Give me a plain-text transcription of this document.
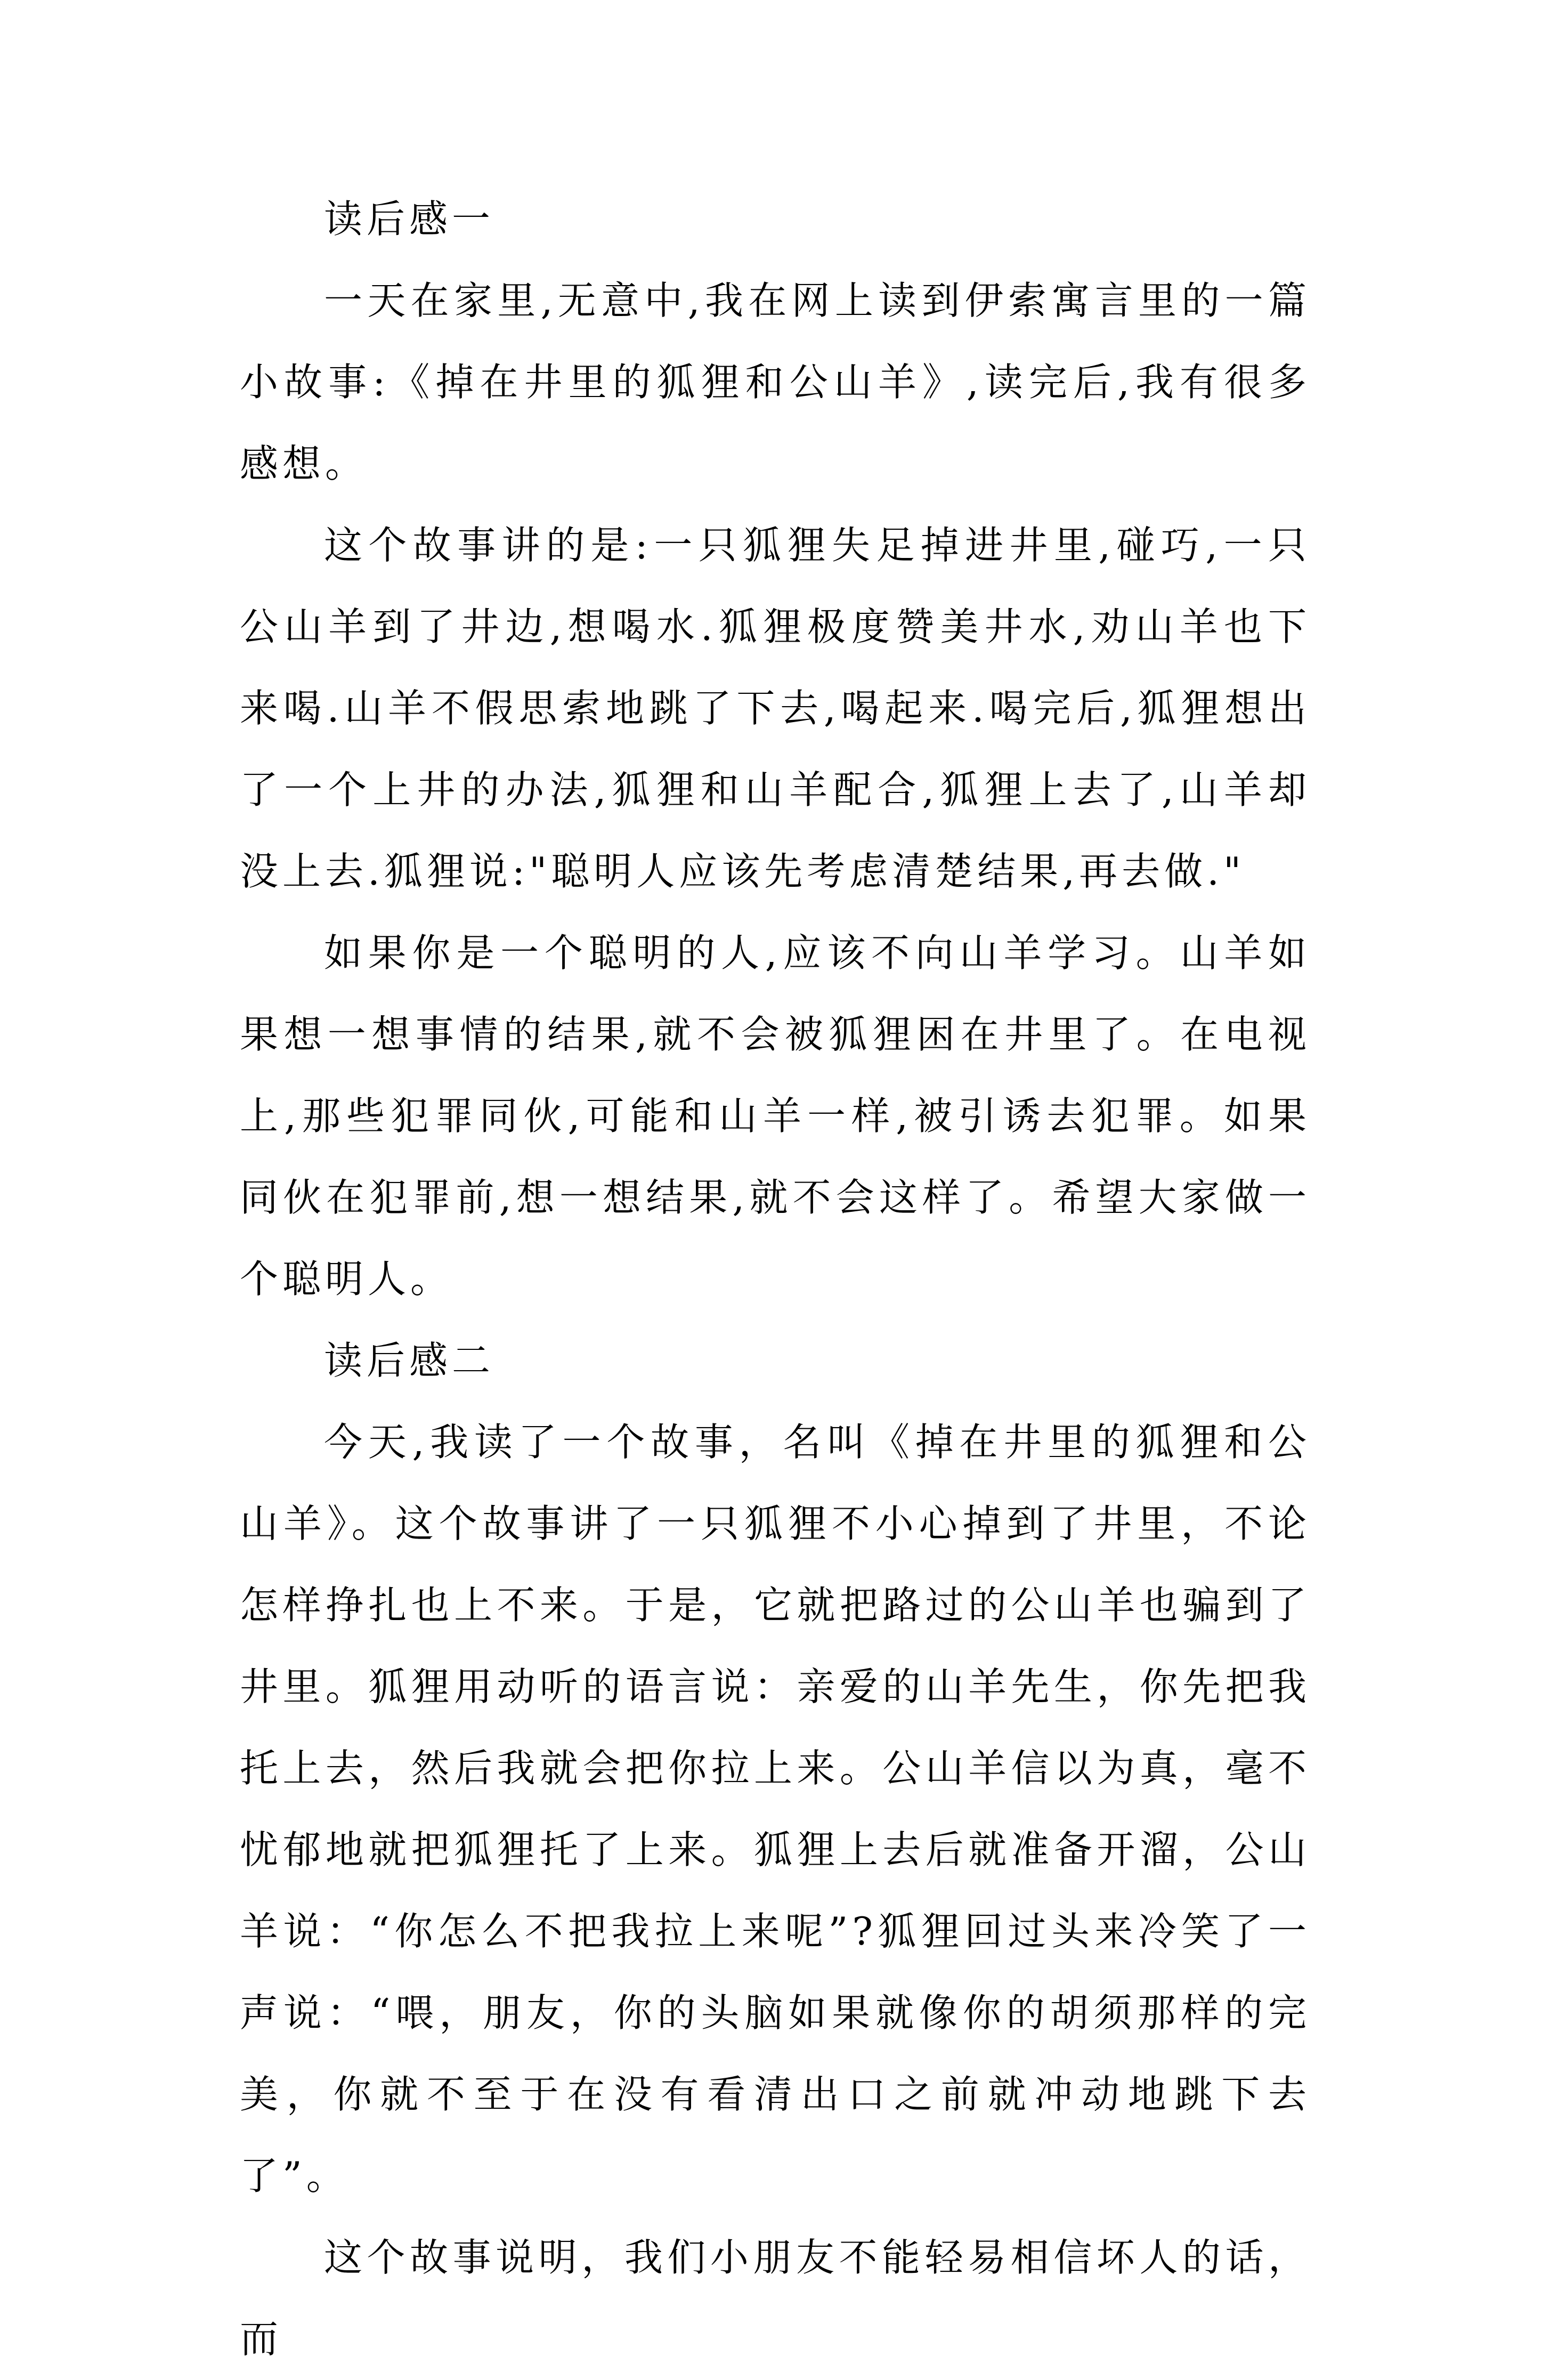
读后感一

一天在家里,无意中,我在网上读到伊索寓言里的一篇小故事:《掉在井里的狐狸和公山羊》,读完后,我有很多感想。

这个故事讲的是:一只狐狸失足掉进井里,碰巧,一只公山羊到了井边,想喝水.狐狸极度赞美井水,劝山羊也下来喝.山羊不假思索地跳了下去,喝起来.喝完后,狐狸想出了一个上井的办法,狐狸和山羊配合,狐狸上去了,山羊却没上去.狐狸说:"聪明人应该先考虑清楚结果,再去做."

如果你是一个聪明的人,应该不向山羊学习。山羊如果想一想事情的结果,就不会被狐狸困在井里了。在电视上,那些犯罪同伙,可能和山羊一样,被引诱去犯罪。如果同伙在犯罪前,想一想结果,就不会这样了。希望大家做一个聪明人。

读后感二

今天,我读了一个故事，名叫《掉在井里的狐狸和公山羊》。这个故事讲了一只狐狸不小心掉到了井里，不论怎样挣扎也上不来。于是，它就把路过的公山羊也骗到了井里。狐狸用动听的语言说：亲爱的山羊先生，你先把我托上去，然后我就会把你拉上来。公山羊信以为真，毫不忧郁地就把狐狸托了上来。狐狸上去后就准备开溜，公山羊说：“你怎么不把我拉上来呢”?狐狸回过头来冷笑了一声说：“喂，朋友，你的头脑如果就像你的胡须那样的完美，你就不至于在没有看清出口之前就冲动地跳下去了”。

这个故事说明，我们小朋友不能轻易相信坏人的话，而
